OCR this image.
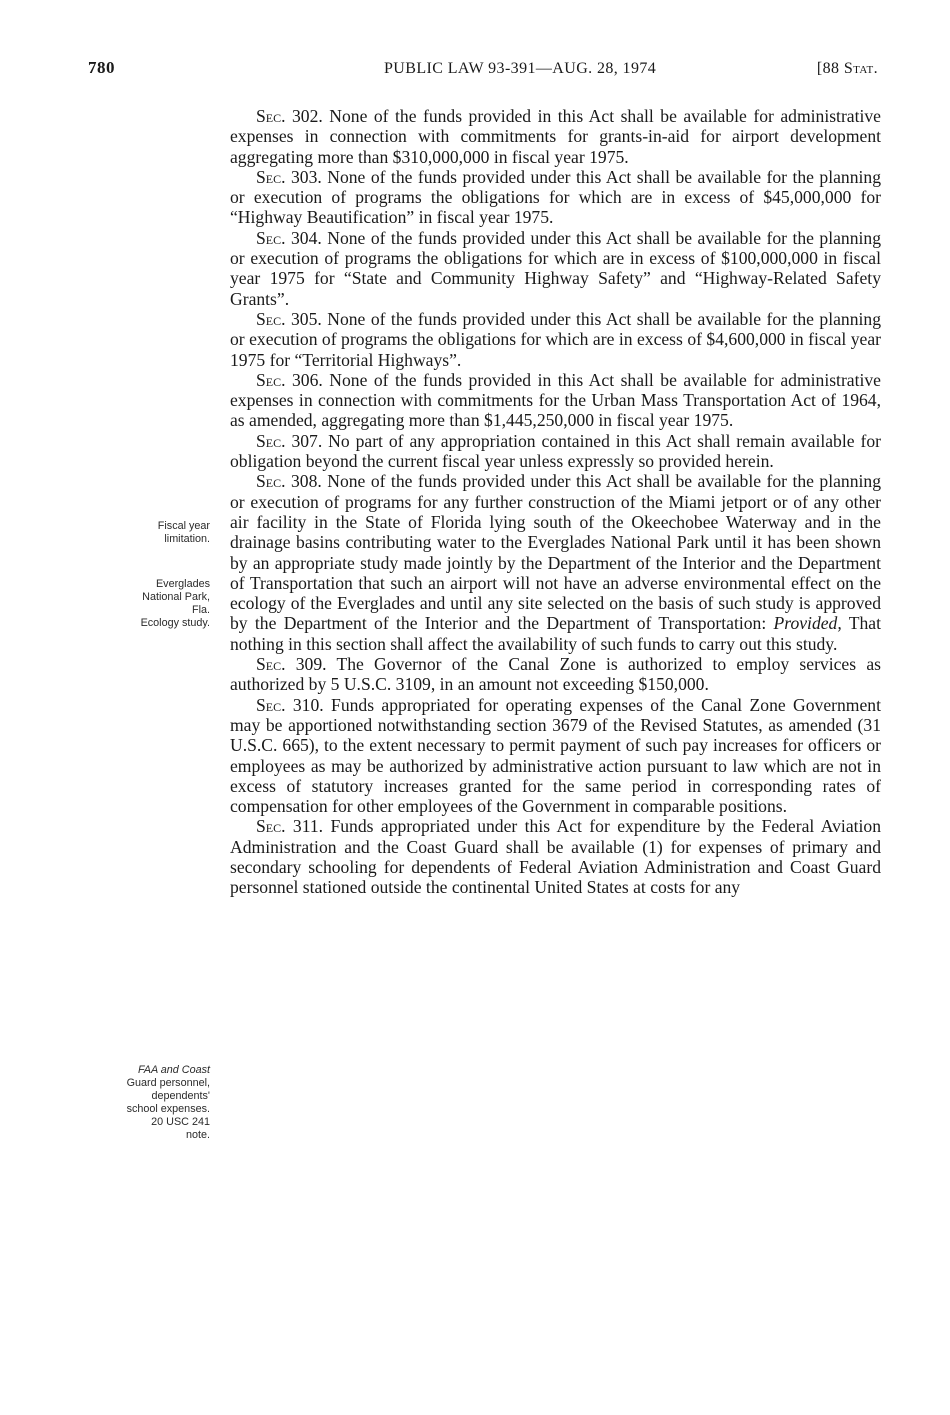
780	PUBLIC LAW 93-391—AUG. 28, 1974	[88 Stat.

Sec. 302. None of the funds provided in this Act shall be available for administrative expenses in connection with commitments for grants-in-aid for airport development aggregating more than $310,000,000 in fiscal year 1975.

Sec. 303. None of the funds provided under this Act shall be available for the planning or execution of programs the obligations for which are in excess of $45,000,000 for “Highway Beautification” in fiscal year 1975.

Sec. 304. None of the funds provided under this Act shall be available for the planning or execution of programs the obligations for which are in excess of $100,000,000 in fiscal year 1975 for “State and Community Highway Safety” and “Highway-Related Safety Grants”.

Sec. 305. None of the funds provided under this Act shall be available for the planning or execution of programs the obligations for which are in excess of $4,600,000 in fiscal year 1975 for “Territorial Highways”.

Sec. 306. None of the funds provided in this Act shall be available for administrative expenses in connection with commitments for the Urban Mass Transportation Act of 1964, as amended, aggregating more than $1,445,250,000 in fiscal year 1975.

Sec. 307. No part of any appropriation contained in this Act shall remain available for obligation beyond the current fiscal year unless expressly so provided herein.

Sec. 308. None of the funds provided under this Act shall be available for the planning or execution of programs for any further construction of the Miami jetport or of any other air facility in the State of Florida lying south of the Okeechobee Waterway and in the drainage basins contributing water to the Everglades National Park until it has been shown by an appropriate study made jointly by the Department of the Interior and the Department of Transportation that such an airport will not have an adverse environmental effect on the ecology of the Everglades and until any site selected on the basis of such study is approved by the Department of the Interior and the Department of Transportation: Provided, That nothing in this section shall affect the availability of such funds to carry out this study.

Sec. 309. The Governor of the Canal Zone is authorized to employ services as authorized by 5 U.S.C. 3109, in an amount not exceeding $150,000.

Sec. 310. Funds appropriated for operating expenses of the Canal Zone Government may be apportioned notwithstanding section 3679 of the Revised Statutes, as amended (31 U.S.C. 665), to the extent necessary to permit payment of such pay increases for officers or employees as may be authorized by administrative action pursuant to law which are not in excess of statutory increases granted for the same period in corresponding rates of compensation for other employees of the Government in comparable positions.

Sec. 311. Funds appropriated under this Act for expenditure by the Federal Aviation Administration and the Coast Guard shall be available (1) for expenses of primary and secondary schooling for dependents of Federal Aviation Administration and Coast Guard personnel stationed outside the continental United States at costs for any

Fiscal year
limitation.
Everglades
National Park,
Fla.
Ecology study.
FAA and Coast
Guard personnel,
dependents'
school expenses.
20 USC 241
note.
